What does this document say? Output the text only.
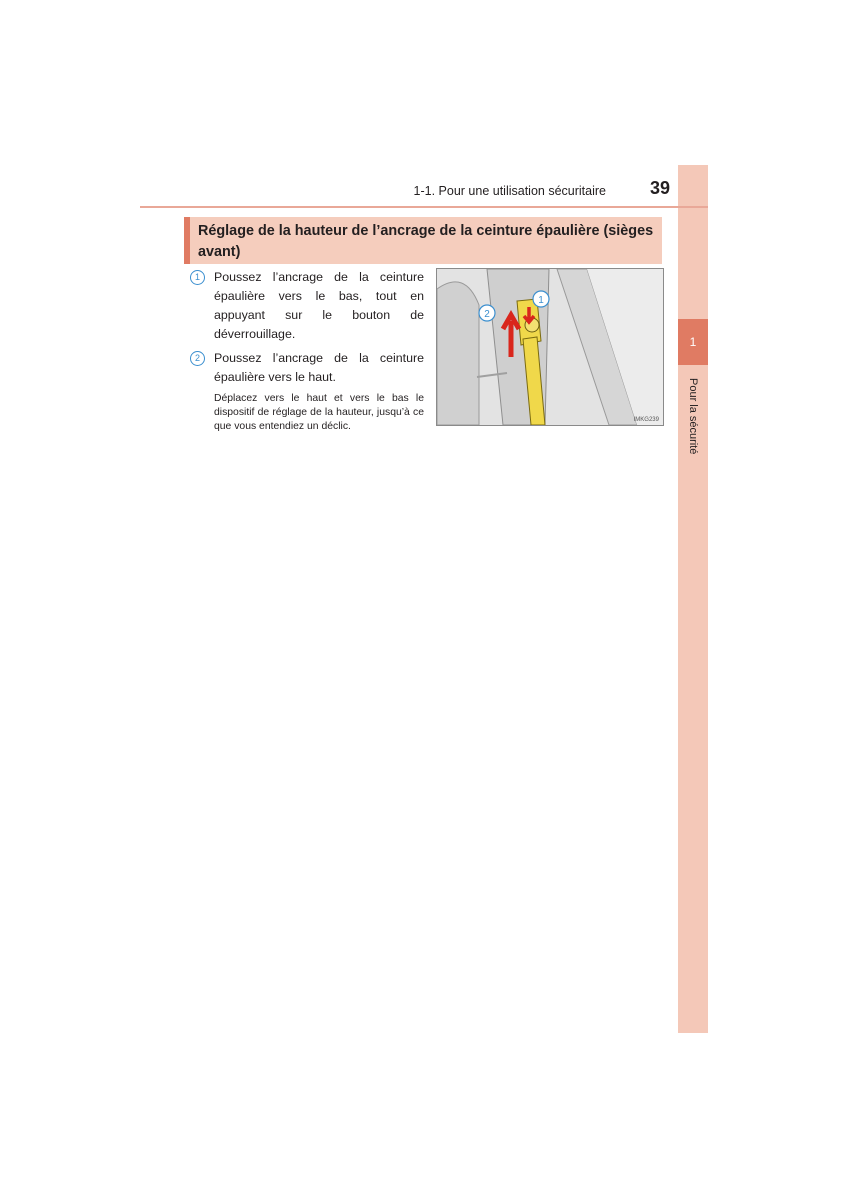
1
Pour la sécurité
1-1. Pour une utilisation sécuritaire 39
Réglage de la hauteur de l’ancrage de la ceinture épaulière (sièges avant)
1	Poussez l’ancrage de la ceinture épaulière vers le bas, tout en appuyant sur le bouton de déverrouillage.
2	Poussez l’ancrage de la ceinture épaulière vers le haut.
Déplacez vers le haut et vers le bas le dispositif de réglage de la hauteur, jusqu’à ce que vous entendiez un déclic.
1
2
IMKG239
